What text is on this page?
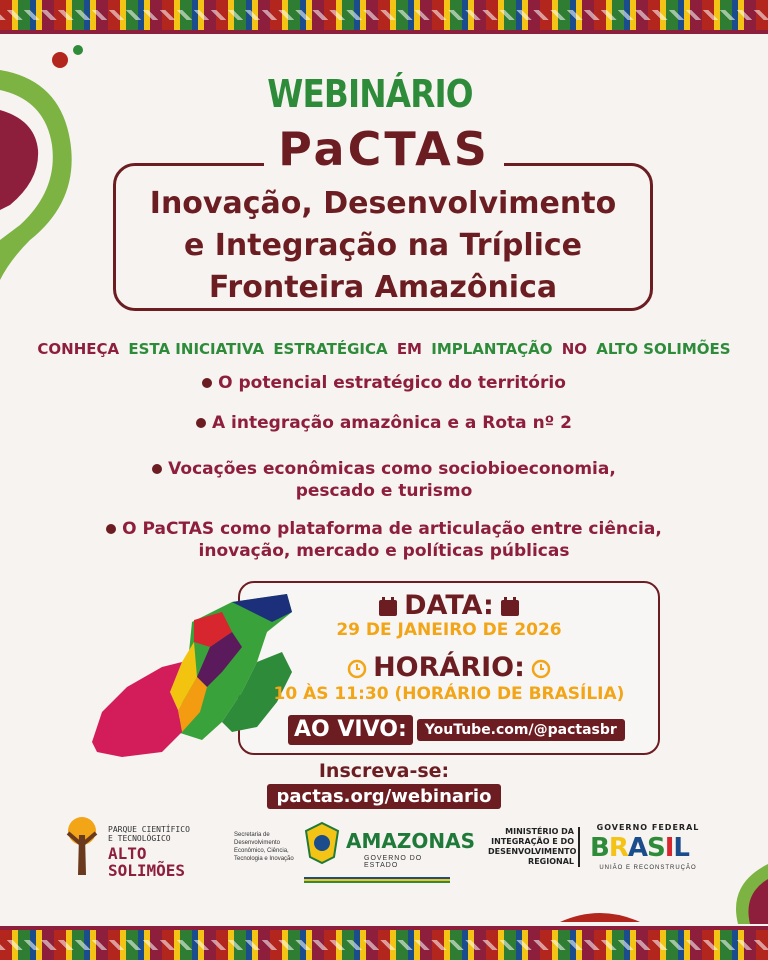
WEBINÁRIO
PaCTAS
Inovação, Desenvolvimento
e Integração na Tríplice
Fronteira Amazônica
CONHEÇA ESTA INICIATIVA ESTRATÉGICA EM IMPLANTAÇÃO NO ALTO SOLIMÕES
O potencial estratégico do território
A integração amazônica e a Rota nº 2
Vocações econômicas como sociobioeconomia,
pescado e turismo
O PaCTAS como plataforma de articulação entre ciência,
inovação, mercado e políticas públicas
DATA:
29 DE JANEIRO DE 2026
HORÁRIO:
10 ÀS 11:30 (HORÁRIO DE BRASÍLIA)
AO VIVO:	YouTube.com/@pactasbr
Inscreva-se:
pactas.org/webinario
PARQUE CIENTÍFICO
E TECNOLÓGICO
ALTO
SOLIMÕES
Secretaria de
Desenvolvimento
Econômico, Ciência,
Tecnologia e Inovação
AMAZONAS
GOVERNO DO ESTADO
MINISTÉRIO DA
INTEGRAÇÃO E DO
DESENVOLVIMENTO
REGIONAL
GOVERNO FEDERAL
B R A S I L
UNIÃO E RECONSTRUÇÃO
